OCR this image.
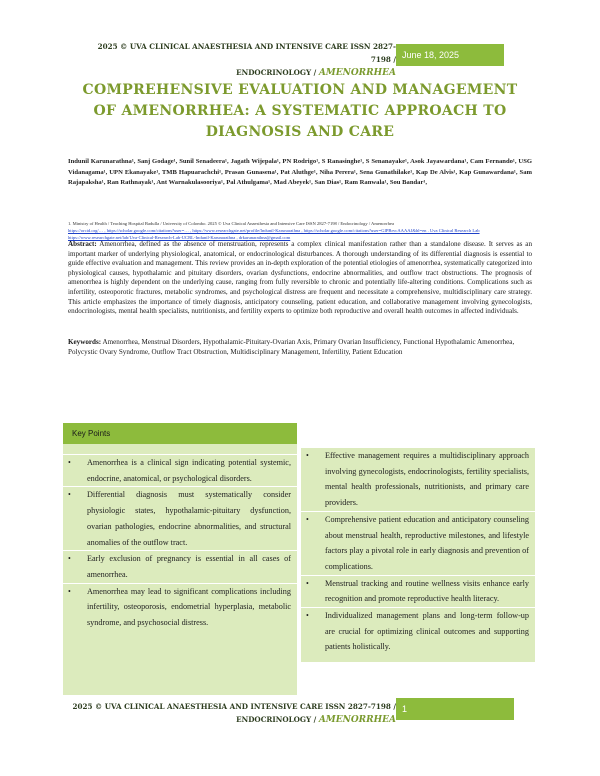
2025 © UVA CLINICAL ANAESTHESIA AND INTENSIVE CARE ISSN 2827-7198 /
ENDOCRINOLOGY / AMENORRHEA
June 18, 2025
COMPREHENSIVE EVALUATION AND MANAGEMENT OF AMENORRHEA: A SYSTEMATIC APPROACH TO DIAGNOSIS AND CARE
Indunil Karunarathna¹, Sanj Godage¹, Sunil Senadeera¹, Jagath Wijepala¹, PN Rodrigo¹, S Ranasinghe¹, S Senanayake¹, Asok Jayawardana¹, Cam Fernando¹, USG Vidanagama¹, UPN Ekanayake¹, TMB Hapuarachchi¹, Prasan Gunasena¹, Pat Aluthge¹, Niha Perera¹, Sena Gunathilake¹, Kap De Alvis¹, Kap Gunawardana¹, Sam Rajapaksha¹, Ran Rathnayak¹, Ant Warnakulasooriya¹, Pal Athulgama¹, Mad Abeyek¹, San Dias¹, Ram Ranwala¹, Sou Bandar¹,
1. Ministry of Health / Teaching Hospital Badulla / University of Colombo. 2025 © Uva Clinical Anaesthesia and Intensive Care ISSN 2827-7198 / Endocrinology / Amenorrhea
https://orcid.org/… , https://scholar.google.com/citations?user=… , https://www.researchgate.net/profile/Indunil-Karunarathna , https://scholar.google.com/citations?user=GlPBrvcAAAAJ&hl=en . Uva Clinical Research Lab https://www.researchgate.net/lab/Uva-Clinical-Research-Lab-UCRL-Indunil-Karunarathna , drkarunarathna@gmail.com
Abstract: Amenorrhea, defined as the absence of menstruation, represents a complex clinical manifestation rather than a standalone disease. It serves as an important marker of underlying physiological, anatomical, or endocrinological disturbances. A thorough understanding of its differential diagnosis is essential to guide effective evaluation and management. This review provides an in-depth exploration of the potential etiologies of amenorrhea, systematically categorized into physiological causes, hypothalamic and pituitary disorders, ovarian dysfunctions, endocrine abnormalities, and outflow tract obstructions. The prognosis of amenorrhea is highly dependent on the underlying cause, ranging from fully reversible to chronic and potentially life-altering conditions. Complications such as infertility, osteoporotic fractures, metabolic syndromes, and psychological distress are frequent and necessitate a comprehensive, multidisciplinary care strategy. This article emphasizes the importance of timely diagnosis, anticipatory counseling, patient education, and collaborative management involving gynecologists, endocrinologists, mental health specialists, nutritionists, and fertility experts to optimize both reproductive and overall health outcomes in affected individuals.
Keywords: Amenorrhea, Menstrual Disorders, Hypothalamic-Pituitary-Ovarian Axis, Primary Ovarian Insufficiency, Functional Hypothalamic Amenorrhea, Polycystic Ovary Syndrome, Outflow Tract Obstruction, Multidisciplinary Management, Infertility, Patient Education
Key Points
• Amenorrhea is a clinical sign indicating potential systemic, endocrine, anatomical, or psychological disorders.
• Differential diagnosis must systematically consider physiologic states, hypothalamic-pituitary dysfunction, ovarian pathologies, endocrine abnormalities, and structural anomalies of the outflow tract.
• Early exclusion of pregnancy is essential in all cases of amenorrhea.
• Amenorrhea may lead to significant complications including infertility, osteoporosis, endometrial hyperplasia, metabolic syndrome, and psychosocial distress.
• Effective management requires a multidisciplinary approach involving gynecologists, endocrinologists, fertility specialists, mental health professionals, nutritionists, and primary care providers.
• Comprehensive patient education and anticipatory counseling about menstrual health, reproductive milestones, and lifestyle factors play a pivotal role in early diagnosis and prevention of complications.
• Menstrual tracking and routine wellness visits enhance early recognition and promote reproductive health literacy.
• Individualized management plans and long-term follow-up are crucial for optimizing clinical outcomes and supporting patients holistically.
2025 © UVA CLINICAL ANAESTHESIA AND INTENSIVE CARE ISSN 2827-7198 /
ENDOCRINOLOGY / AMENORRHEA
1
